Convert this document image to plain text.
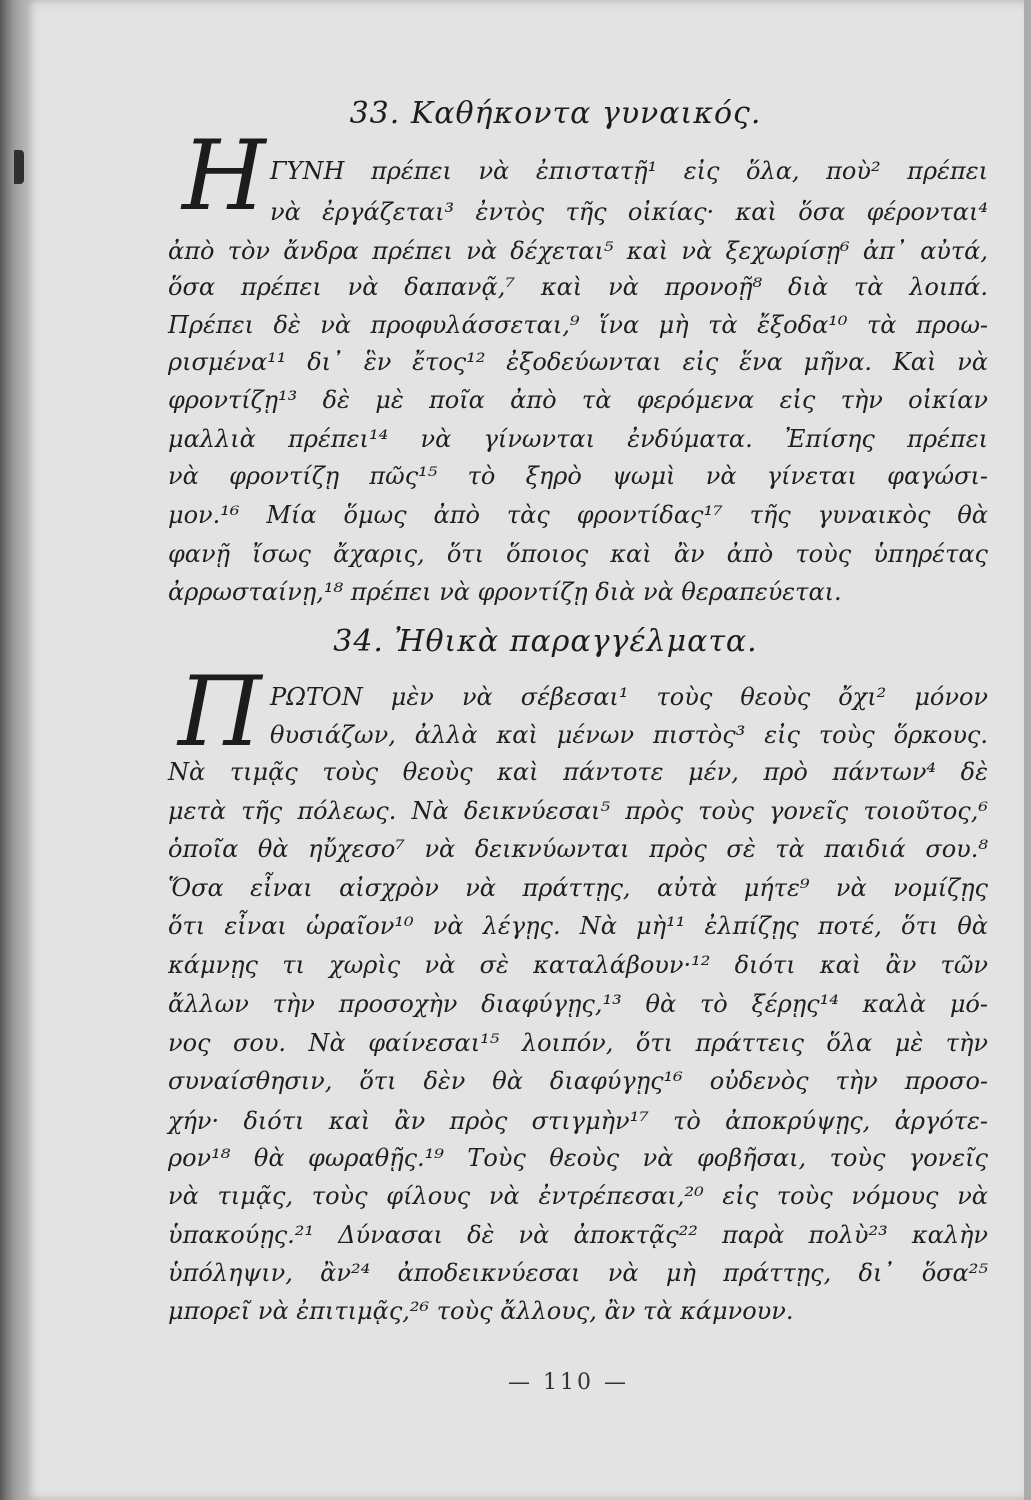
33. Καθήκοντα γυναικός.
Η ΓΥΝΗ πρέπει νὰ ἐπιστατῇ¹ εἰς ὅλα, ποὺ² πρέπει
νὰ ἐργάζεται³ ἐντὸς τῆς οἰκίας· καὶ ὅσα φέρονται⁴
ἀπὸ τὸν ἄνδρα πρέπει νὰ δέχεται⁵ καὶ νὰ ξεχωρίσῃ⁶ ἀπ᾽ αὐτά,
ὅσα πρέπει νὰ δαπανᾷ,⁷ καὶ νὰ προνοῇ⁸ διὰ τὰ λοιπά.
Πρέπει δὲ νὰ προφυλάσσεται,⁹ ἵνα μὴ τὰ ἔξοδα¹⁰ τὰ προω-
ρισμένα¹¹ δι᾽ ἓν ἔτος¹² ἐξοδεύωνται εἰς ἕνα μῆνα. Καὶ νὰ
φροντίζῃ¹³ δὲ μὲ ποῖα ἀπὸ τὰ φερόμενα εἰς τὴν οἰκίαν
μαλλιὰ πρέπει¹⁴ νὰ γίνωνται ἐνδύματα. Ἐπίσης πρέπει
νὰ φροντίζῃ πῶς¹⁵ τὸ ξηρὸ ψωμὶ νὰ γίνεται φαγώσι-
μον.¹⁶ Μία ὅμως ἀπὸ τὰς φροντίδας¹⁷ τῆς γυναικὸς θὰ
φανῇ ἴσως ἄχαρις, ὅτι ὅποιος καὶ ἂν ἀπὸ τοὺς ὑπηρέτας
ἀρρωσταίνῃ,¹⁸ πρέπει νὰ φροντίζῃ διὰ νὰ θεραπεύεται.
34. Ἠθικὰ παραγγέλματα.
Π ΡΩΤΟΝ μὲν νὰ σέβεσαι¹ τοὺς θεοὺς ὄχι² μόνον
θυσιάζων, ἀλλὰ καὶ μένων πιστὸς³ εἰς τοὺς ὅρκους.
Νὰ τιμᾷς τοὺς θεοὺς καὶ πάντοτε μέν, πρὸ πάντων⁴ δὲ
μετὰ τῆς πόλεως. Νὰ δεικνύεσαι⁵ πρὸς τοὺς γονεῖς τοιοῦτος,⁶
ὁποῖα θὰ ηὔχεσο⁷ νὰ δεικνύωνται πρὸς σὲ τὰ παιδιά σου.⁸
Ὅσα εἶναι αἰσχρὸν νὰ πράττῃς, αὐτὰ μήτε⁹ νὰ νομίζῃς
ὅτι εἶναι ὡραῖον¹⁰ νὰ λέγῃς. Νὰ μὴ¹¹ ἐλπίζῃς ποτέ, ὅτι θὰ
κάμνῃς τι χωρὶς νὰ σὲ καταλάβουν·¹² διότι καὶ ἂν τῶν
ἄλλων τὴν προσοχὴν διαφύγῃς,¹³ θὰ τὸ ξέρῃς¹⁴ καλὰ μό-
νος σου. Νὰ φαίνεσαι¹⁵ λοιπόν, ὅτι πράττεις ὅλα μὲ τὴν
συναίσθησιν, ὅτι δὲν θὰ διαφύγῃς¹⁶ οὐδενὸς τὴν προσο-
χήν· διότι καὶ ἂν πρὸς στιγμὴν¹⁷ τὸ ἀποκρύψῃς, ἀργότε-
ρον¹⁸ θὰ φωραθῇς.¹⁹ Τοὺς θεοὺς νὰ φοβῆσαι, τοὺς γονεῖς
νὰ τιμᾷς, τοὺς φίλους νὰ ἐντρέπεσαι,²⁰ εἰς τοὺς νόμους νὰ
ὑπακούῃς.²¹ Δύνασαι δὲ νὰ ἀποκτᾷς²² παρὰ πολὺ²³ καλὴν
ὑπόληψιν, ἂν²⁴ ἀποδεικνύεσαι νὰ μὴ πράττῃς, δι᾽ ὅσα²⁵
μπορεῖ νὰ ἐπιτιμᾷς,²⁶ τοὺς ἄλλους, ἂν τὰ κάμνουν.
— 110 —
